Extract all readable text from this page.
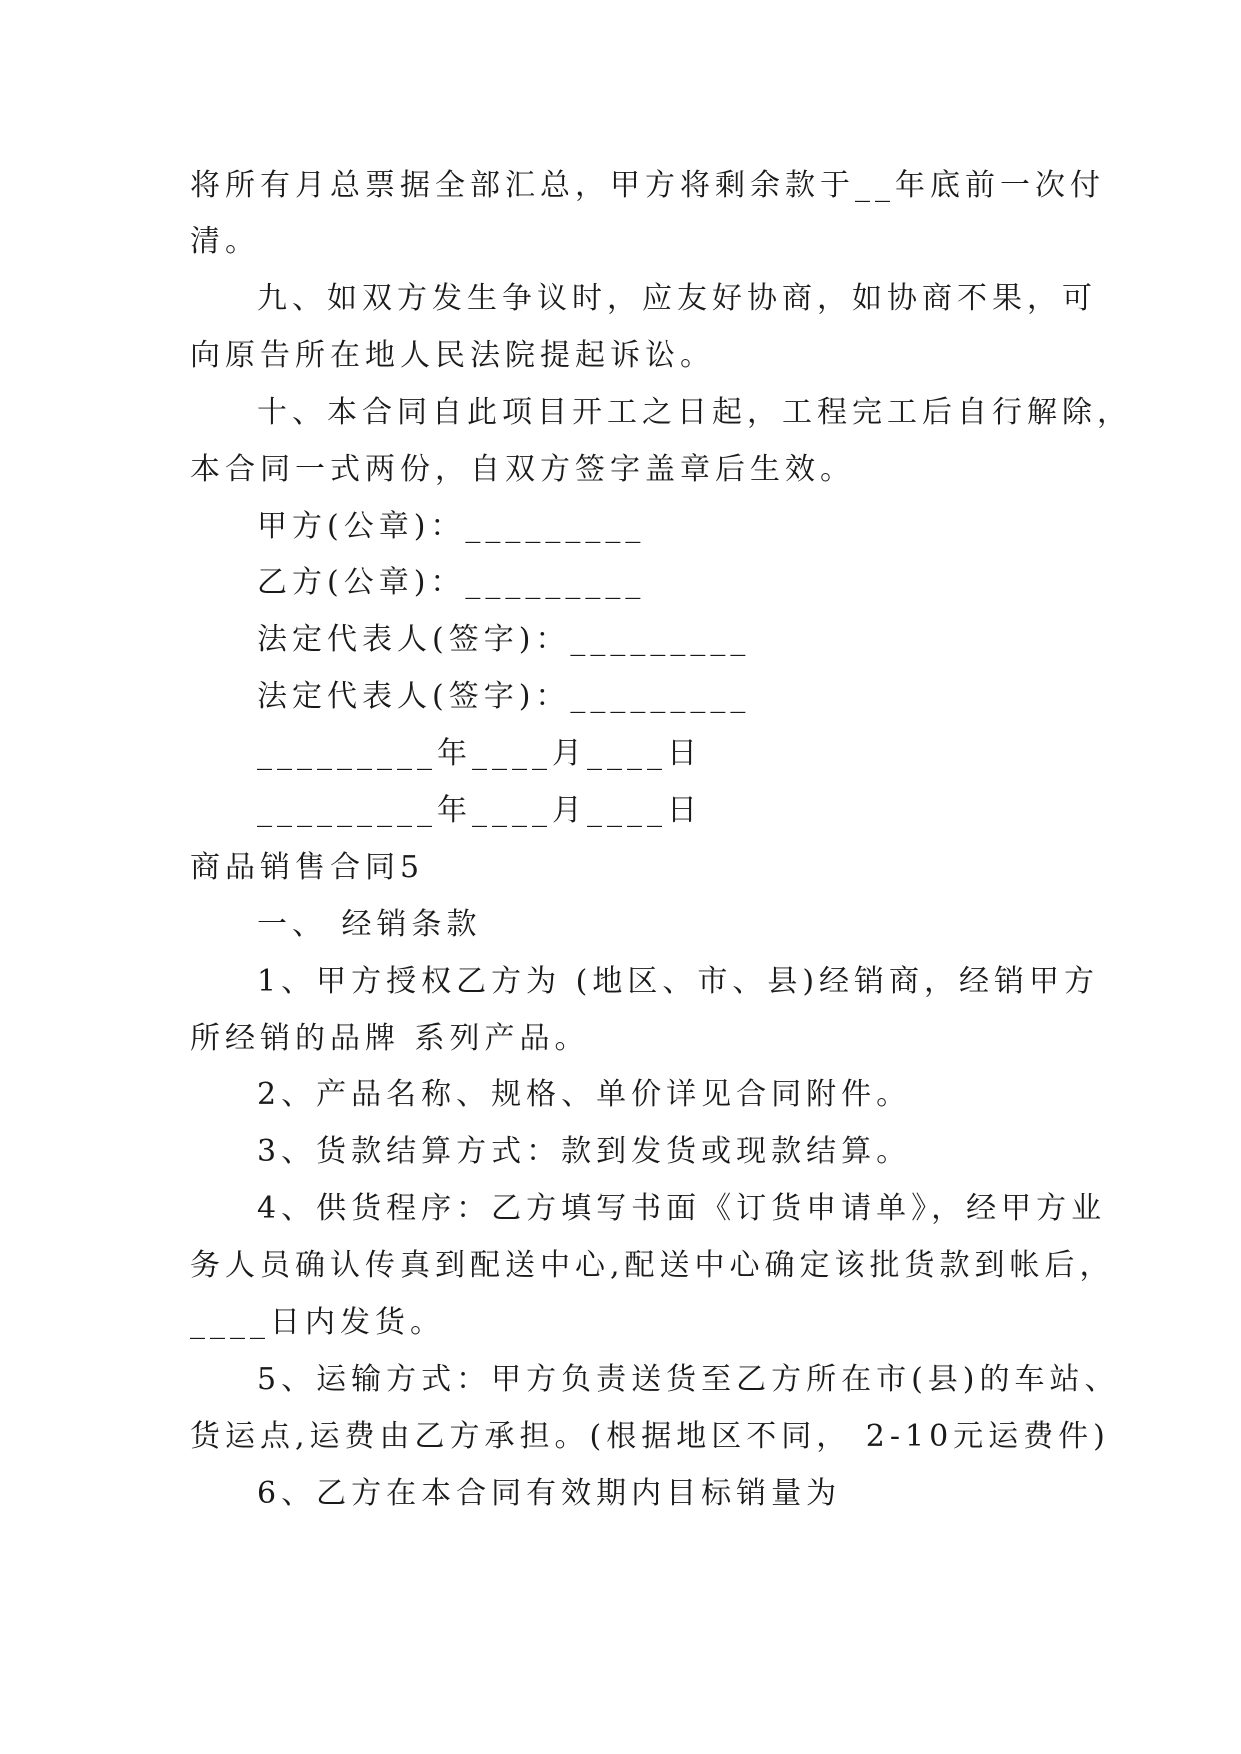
将所有月总票据全部汇总，甲方将剩余款于__年底前一次付
清。
九、如双方发生争议时，应友好协商，如协商不果，可
向原告所在地人民法院提起诉讼。
十、本合同自此项目开工之日起，工程完工后自行解除，
本合同一式两份，自双方签字盖章后生效。
甲方(公章)：_________
乙方(公章)：_________
法定代表人(签字)：_________
法定代表人(签字)：_________
_________年____月____日
_________年____月____日
商品销售合同5
一、 经销条款
1、甲方授权乙方为 (地区、市、县)经销商，经销甲方
所经销的品牌 系列产品。
2、产品名称、规格、单价详见合同附件。
3、货款结算方式：款到发货或现款结算。
4、供货程序：乙方填写书面《订货申请单》，经甲方业
务人员确认传真到配送中心,配送中心确定该批货款到帐后，
____日内发货。
5、运输方式：甲方负责送货至乙方所在市(县)的车站、
货运点,运费由乙方承担。(根据地区不同， 2-10元运费件)
6、乙方在本合同有效期内目标销量为
